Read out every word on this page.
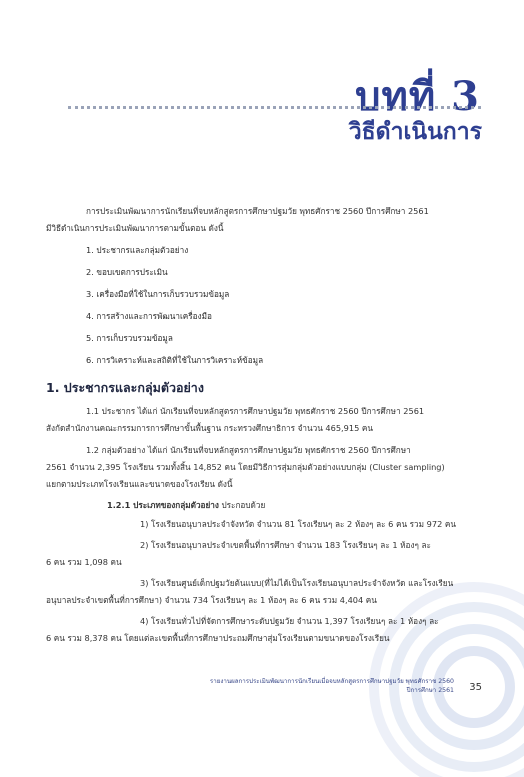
บทที่ 3
วิธีดำเนินการ
การประเมินพัฒนาการนักเรียนที่จบหลักสูตรการศึกษาปฐมวัย พุทธศักราช 2560 ปีการศึกษา 2561
มีวิธีดำเนินการประเมินพัฒนาการตามขั้นตอน ดังนี้
1. ประชากรและกลุ่มตัวอย่าง
2. ขอบเขตการประเมิน
3. เครื่องมือที่ใช้ในการเก็บรวบรวมข้อมูล
4. การสร้างและการพัฒนาเครื่องมือ
5. การเก็บรวบรวมข้อมูล
6. การวิเคราะห์และสถิติที่ใช้ในการวิเคราะห์ข้อมูล
1. ประชากรและกลุ่มตัวอย่าง
1.1 ประชากร ได้แก่ นักเรียนที่จบหลักสูตรการศึกษาปฐมวัย พุทธศักราช 2560 ปีการศึกษา 2561
สังกัดสำนักงานคณะกรรมการการศึกษาขั้นพื้นฐาน กระทรวงศึกษาธิการ จำนวน 465,915 คน
1.2 กลุ่มตัวอย่าง ได้แก่ นักเรียนที่จบหลักสูตรการศึกษาปฐมวัย พุทธศักราช 2560 ปีการศึกษา
2561 จำนวน 2,395 โรงเรียน รวมทั้งสิ้น 14,852 คน โดยมีวิธีการสุ่มกลุ่มตัวอย่างแบบกลุ่ม (Cluster sampling)
แยกตามประเภทโรงเรียนและขนาดของโรงเรียน ดังนี้
1.2.1 ประเภทของกลุ่มตัวอย่าง ประกอบด้วย
1) โรงเรียนอนุบาลประจำจังหวัด จำนวน 81 โรงเรียนๆ ละ 2 ห้องๆ ละ 6 คน รวม 972 คน
2) โรงเรียนอนุบาลประจำเขตพื้นที่การศึกษา จำนวน 183 โรงเรียนๆ ละ 1 ห้องๆ ละ
6 คน รวม 1,098 คน
3) โรงเรียนศูนย์เด็กปฐมวัยต้นแบบ(ที่ไม่ได้เป็นโรงเรียนอนุบาลประจำจังหวัด และโรงเรียน
อนุบาลประจำเขตพื้นที่การศึกษา) จำนวน 734 โรงเรียนๆ ละ 1 ห้องๆ ละ 6 คน รวม 4,404 คน
4) โรงเรียนทั่วไปที่จัดการศึกษาระดับปฐมวัย จำนวน 1,397 โรงเรียนๆ ละ 1 ห้องๆ ละ
6 คน รวม 8,378 คน โดยแต่ละเขตพื้นที่การศึกษาประถมศึกษาสุ่มโรงเรียนตามขนาดของโรงเรียน
รายงานผลการประเมินพัฒนาการนักเรียนเมื่อจบหลักสูตรการศึกษาปฐมวัย พุทธศักราช 2560
ปีการศึกษา 2561 35
